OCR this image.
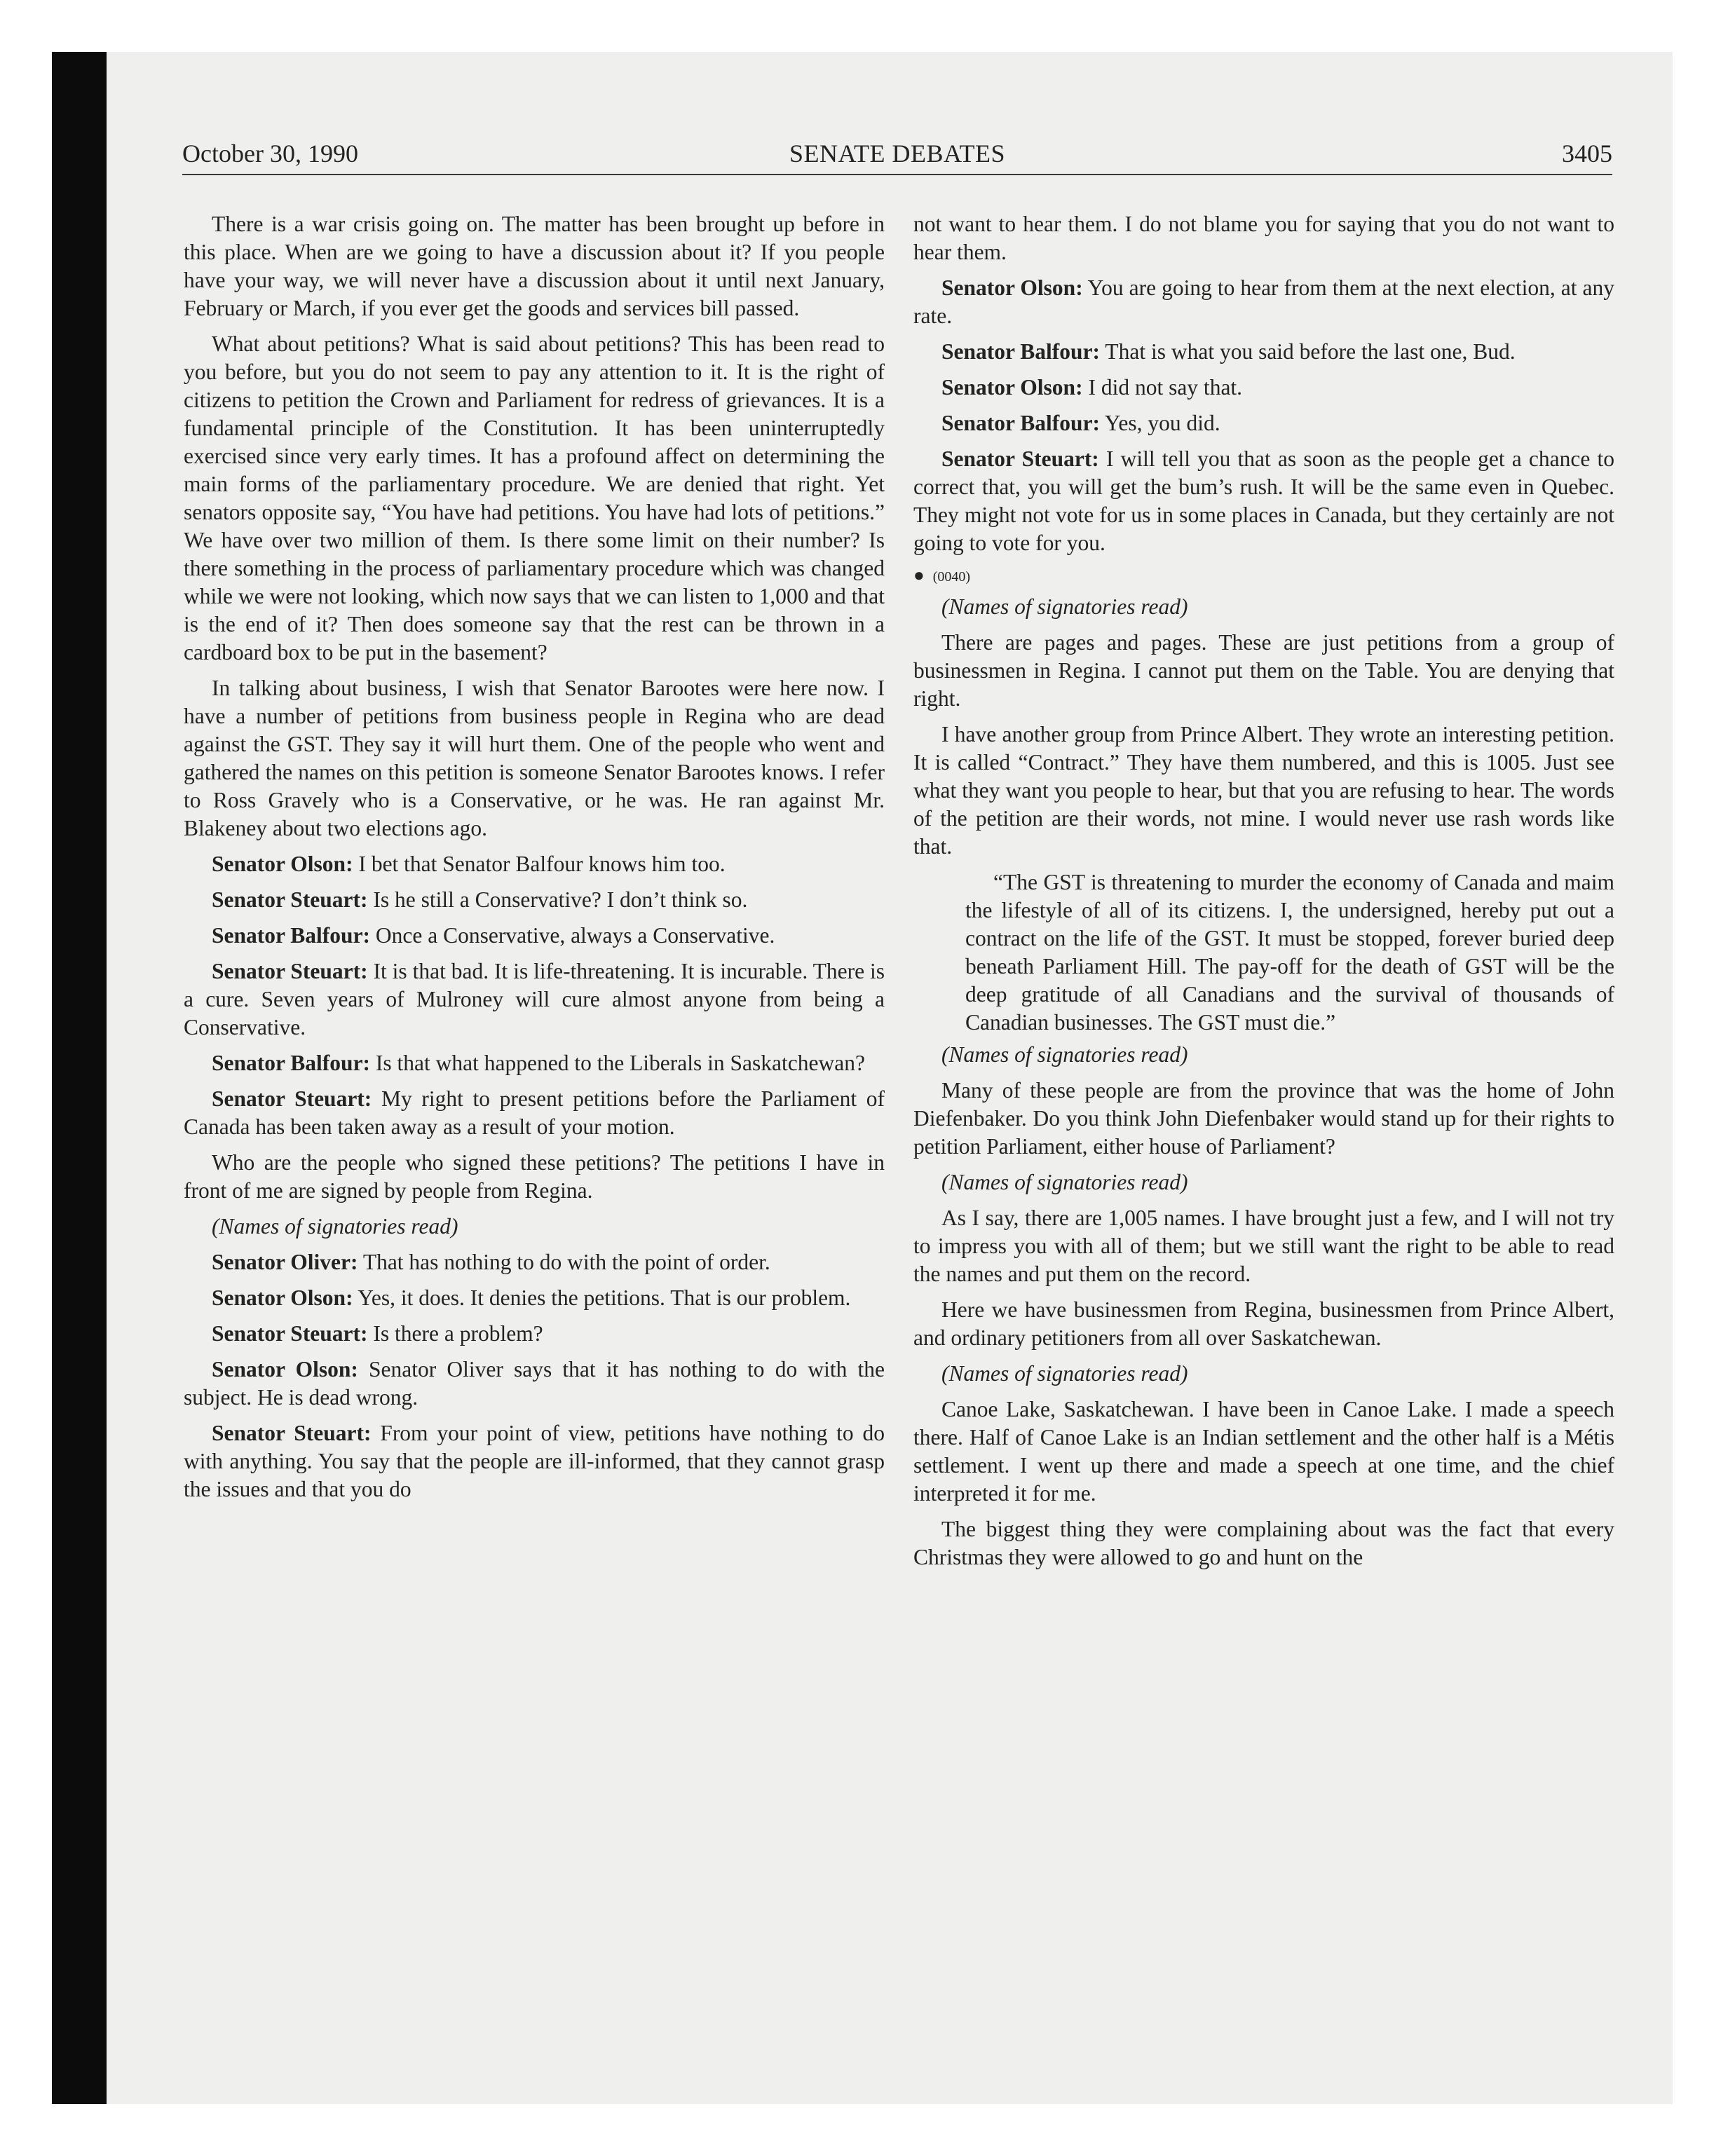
October 30, 1990	SENATE DEBATES	3405

There is a war crisis going on. The matter has been brought up before in this place. When are we going to have a discussion about it? If you people have your way, we will never have a discussion about it until next January, February or March, if you ever get the goods and services bill passed.

What about petitions? What is said about petitions? This has been read to you before, but you do not seem to pay any attention to it. It is the right of citizens to petition the Crown and Parliament for redress of grievances. It is a fundamental principle of the Constitution. It has been uninterruptedly exercised since very early times. It has a profound affect on determining the main forms of the parliamentary procedure. We are denied that right. Yet senators opposite say, “You have had petitions. You have had lots of petitions.” We have over two million of them. Is there some limit on their number? Is there something in the process of parliamentary procedure which was changed while we were not looking, which now says that we can listen to 1,000 and that is the end of it? Then does someone say that the rest can be thrown in a cardboard box to be put in the basement?

In talking about business, I wish that Senator Barootes were here now. I have a number of petitions from business people in Regina who are dead against the GST. They say it will hurt them. One of the people who went and gathered the names on this petition is someone Senator Barootes knows. I refer to Ross Gravely who is a Conservative, or he was. He ran against Mr. Blakeney about two elections ago.

Senator Olson: I bet that Senator Balfour knows him too.

Senator Steuart: Is he still a Conservative? I don’t think so.

Senator Balfour: Once a Conservative, always a Conservative.

Senator Steuart: It is that bad. It is life-threatening. It is incurable. There is a cure. Seven years of Mulroney will cure almost anyone from being a Conservative.

Senator Balfour: Is that what happened to the Liberals in Saskatchewan?

Senator Steuart: My right to present petitions before the Parliament of Canada has been taken away as a result of your motion.

Who are the people who signed these petitions? The petitions I have in front of me are signed by people from Regina.

(Names of signatories read)

Senator Oliver: That has nothing to do with the point of order.

Senator Olson: Yes, it does. It denies the petitions. That is our problem.

Senator Steuart: Is there a problem?

Senator Olson: Senator Oliver says that it has nothing to do with the subject. He is dead wrong.

Senator Steuart: From your point of view, petitions have nothing to do with anything. You say that the people are ill-informed, that they cannot grasp the issues and that you do

not want to hear them. I do not blame you for saying that you do not want to hear them.

Senator Olson: You are going to hear from them at the next election, at any rate.

Senator Balfour: That is what you said before the last one, Bud.

Senator Olson: I did not say that.

Senator Balfour: Yes, you did.

Senator Steuart: I will tell you that as soon as the people get a chance to correct that, you will get the bum’s rush. It will be the same even in Quebec. They might not vote for us in some places in Canada, but they certainly are not going to vote for you.

● (0040)

(Names of signatories read)

There are pages and pages. These are just petitions from a group of businessmen in Regina. I cannot put them on the Table. You are denying that right.

I have another group from Prince Albert. They wrote an interesting petition. It is called “Contract.” They have them numbered, and this is 1005. Just see what they want you people to hear, but that you are refusing to hear. The words of the petition are their words, not mine. I would never use rash words like that.

“The GST is threatening to murder the economy of Canada and maim the lifestyle of all of its citizens. I, the undersigned, hereby put out a contract on the life of the GST. It must be stopped, forever buried deep beneath Parliament Hill. The pay-off for the death of GST will be the deep gratitude of all Canadians and the survival of thousands of Canadian businesses. The GST must die.”

(Names of signatories read)

Many of these people are from the province that was the home of John Diefenbaker. Do you think John Diefenbaker would stand up for their rights to petition Parliament, either house of Parliament?

(Names of signatories read)

As I say, there are 1,005 names. I have brought just a few, and I will not try to impress you with all of them; but we still want the right to be able to read the names and put them on the record.

Here we have businessmen from Regina, businessmen from Prince Albert, and ordinary petitioners from all over Saskatchewan.

(Names of signatories read)

Canoe Lake, Saskatchewan. I have been in Canoe Lake. I made a speech there. Half of Canoe Lake is an Indian settlement and the other half is a Métis settlement. I went up there and made a speech at one time, and the chief interpreted it for me.

The biggest thing they were complaining about was the fact that every Christmas they were allowed to go and hunt on the
